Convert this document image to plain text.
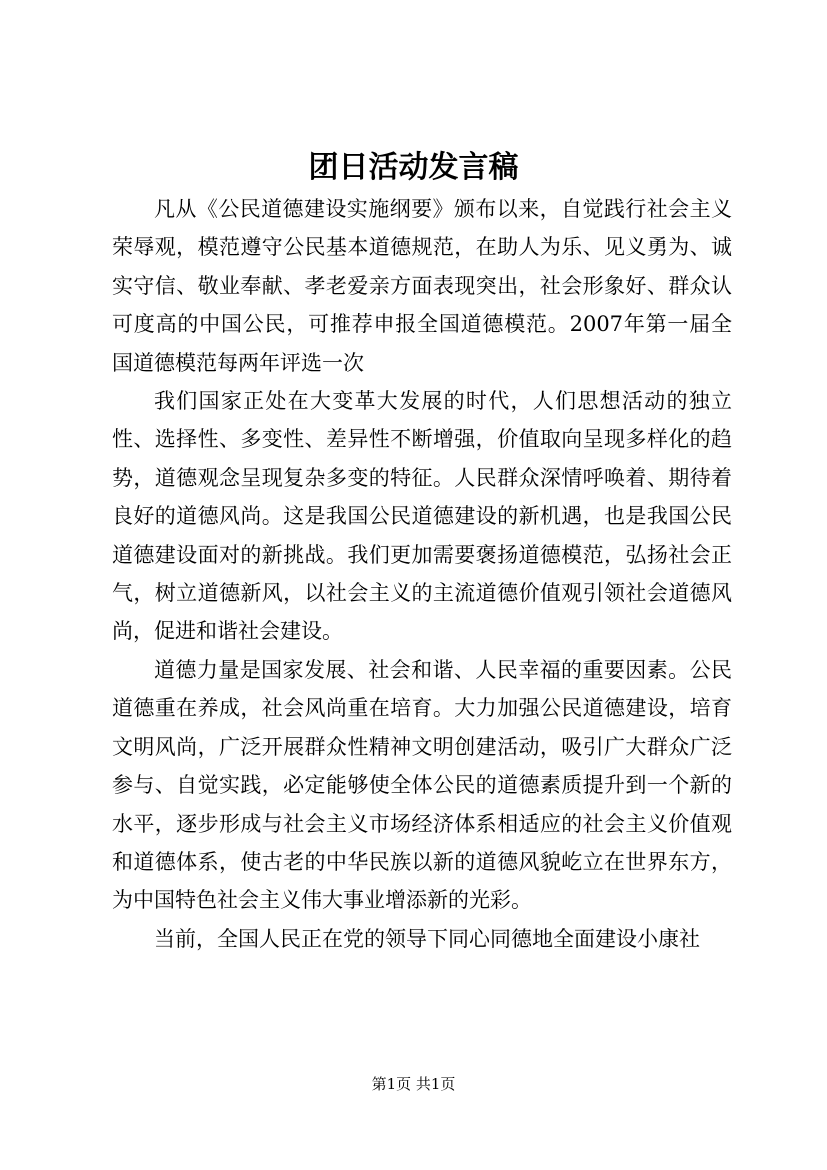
团日活动发言稿

凡从《公民道德建设实施纲要》颁布以来，自觉践行社会主义荣辱观，模范遵守公民基本道德规范，在助人为乐、见义勇为、诚实守信、敬业奉献、孝老爱亲方面表现突出，社会形象好、群众认可度高的中国公民，可推荐申报全国道德模范。2007年第一届全国道德模范每两年评选一次

我们国家正处在大变革大发展的时代，人们思想活动的独立性、选择性、多变性、差异性不断增强，价值取向呈现多样化的趋势，道德观念呈现复杂多变的特征。人民群众深情呼唤着、期待着良好的道德风尚。这是我国公民道德建设的新机遇，也是我国公民道德建设面对的新挑战。我们更加需要褒扬道德模范，弘扬社会正气，树立道德新风，以社会主义的主流道德价值观引领社会道德风尚，促进和谐社会建设。

道德力量是国家发展、社会和谐、人民幸福的重要因素。公民道德重在养成，社会风尚重在培育。大力加强公民道德建设，培育文明风尚，广泛开展群众性精神文明创建活动，吸引广大群众广泛参与、自觉实践，必定能够使全体公民的道德素质提升到一个新的水平，逐步形成与社会主义市场经济体系相适应的社会主义价值观和道德体系，使古老的中华民族以新的道德风貌屹立在世界东方，为中国特色社会主义伟大事业增添新的光彩。

当前，全国人民正在党的领导下同心同德地全面建设小康社

第1页 共1页
